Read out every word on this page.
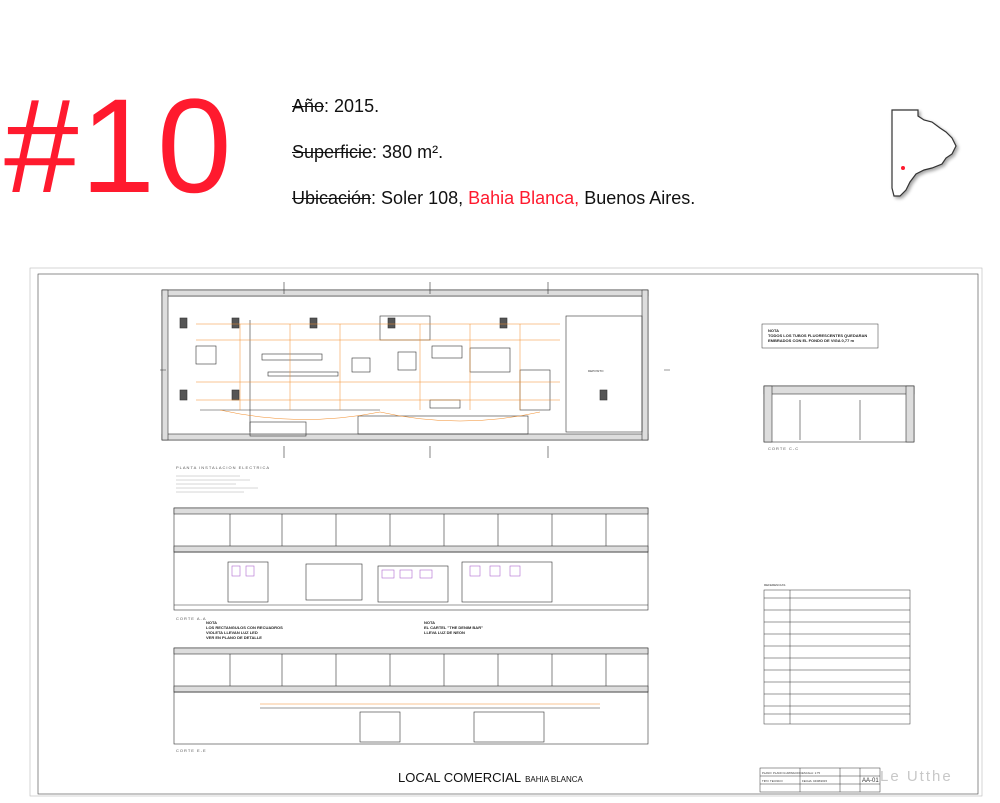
#10	Año: 2015.
Superficie: 380 m².
Ubicación: Soler 108, Bahia Blanca, Buenos Aires.
DEPOSITO
PLANTA INSTALACION ELECTRICA
CORTE C-C
CORTE A-A
CORTE E-E
REFERENCIAS
PLANO: PLANO ILUMINACION ESCALA: 1:75
TIPO: TECNICO	FECHA: 04/08/2015	AA-01
NOTA
TODOS LOS TUBOS FLUORESCENTES QUEDARAN
EMBRADOS CON EL FONDO DE VIGA 0,77 m
NOTA
LOS RECTANGULOS CON RECUADROS
VIOLETA LLEVAN LUZ LED
VER EN PLANO DE DETALLE
NOTA
EL CARTEL "THE DENIM BAR"
LLEVA LUZ DE NEON
LOCAL COMERCIAL BAHIA BLANCA	Le Utthe
